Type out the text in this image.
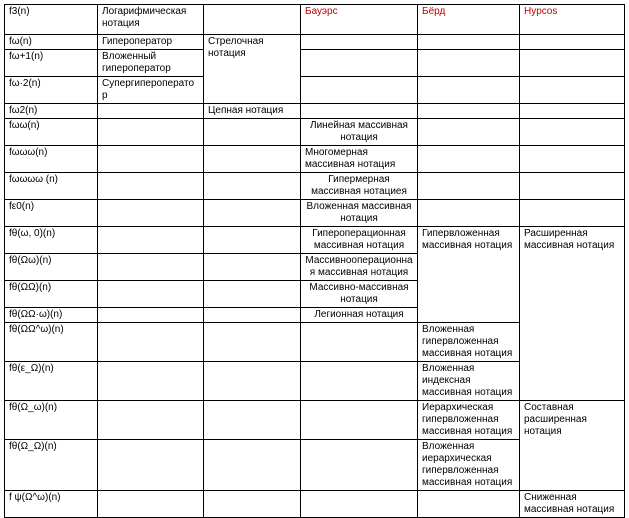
f3(n)	Логарифмическая нотация		Бауэрс	Бёрд	Hypcos
fω(n)	Гипероператор	Стрелочная нотация			
fω+1(n)	Вложенный гипероператор				
fω·2(n)	Супергипероператор				
fω2(n)		Цепная нотация			
fωω(n)			Линейная массивная нотация		
fωωω(n)			Многомерная массивная нотация		
fωωωω (n)			Гипермерная массивная нотациея		
fε0(n)			Вложенная массивная нотация		
fθ(ω, 0)(n)			Гипероперационная массивная нотация	Гипервложенная массивная нотация	Расширенная массивная нотация
fθ(Ωω)(n)			Массивнооперационная массивная нотация		
fθ(ΩΩ)(n)			Массивно-массивная нотация		
fθ(ΩΩ·ω)(n)			Легионная нотация		
fθ(ΩΩ^ω)(n)				Вложенная гипервложенная массивная нотация	
fθ(ε_Ω)(n)				Вложенная индексная массивная нотация	
fθ(Ω_ω)(n)				Иерархическая гипервложенная массивная нотация	Составная расширенная нотация
fθ(Ω_Ω)(n)				Вложенная иерархическая гипервложенная массивная нотация	
f ψ(Ω^ω)(n)					Сниженная массивная нотация
